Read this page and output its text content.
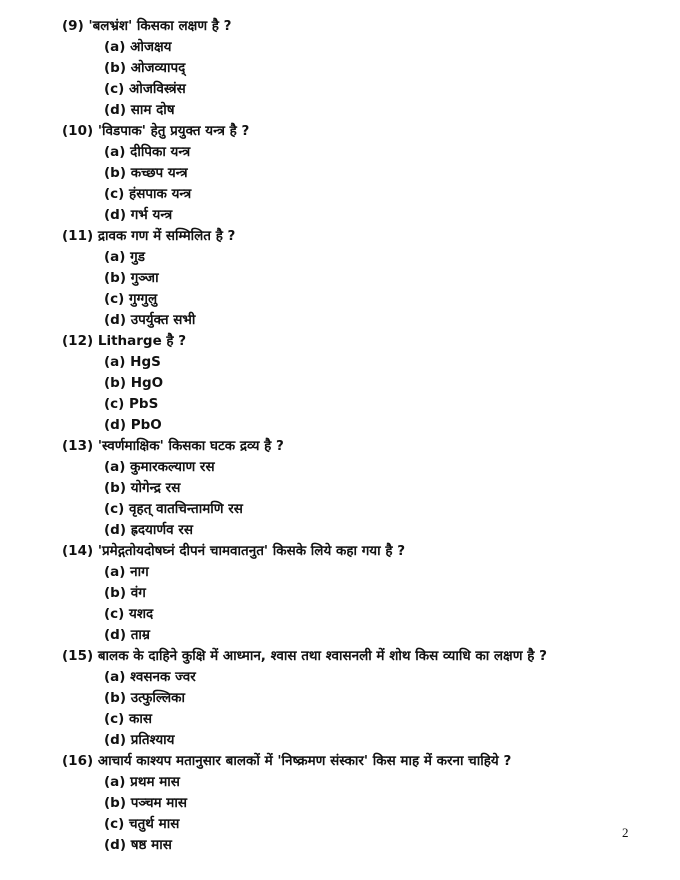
(9) 'बलभ्रंश' किसका लक्षण है ?
(a) ओजक्षय
(b) ओजव्यापद्
(c) ओजविस्त्रंस
(d) साम दोष
(10) 'विडपाक' हेतु प्रयुक्त यन्त्र है ?
(a) दीपिका यन्त्र
(b) कच्छप यन्त्र
(c) हंसपाक यन्त्र
(d) गर्भ यन्त्र
(11) द्रावक गण में सम्मिलित है ?
(a) गुड
(b) गुञ्जा
(c) गुग्गुलु
(d) उपर्युक्त सभी
(12) Litharge है ?
(a) HgS
(b) HgO
(c) PbS
(d) PbO
(13) 'स्वर्णमाक्षिक' किसका घटक द्रव्य है ?
(a) कुमारकल्याण रस
(b) योगेन्द्र रस
(c) वृहत् वातचिन्तामणि रस
(d) ह्रदयार्णव रस
(14) 'प्रमेद्गतोयदोषघ्नं दीपनं चामवातनुत' किसके लिये कहा गया है ?
(a) नाग
(b) वंग
(c) यशद
(d) ताम्र
(15) बालक के दाहिने कुक्षि में आध्मान, श्वास तथा श्वासनली में शोथ किस व्याधि का लक्षण है ?
(a) श्वसनक ज्वर
(b) उत्फुल्लिका
(c) कास
(d) प्रतिश्याय
(16) आचार्य काश्यप मतानुसार बालकों में 'निष्क्रमण संस्कार' किस माह में करना चाहिये ?
(a) प्रथम मास
(b) पञ्चम मास
(c) चतुर्थ मास
(d) षष्ठ मास
2
